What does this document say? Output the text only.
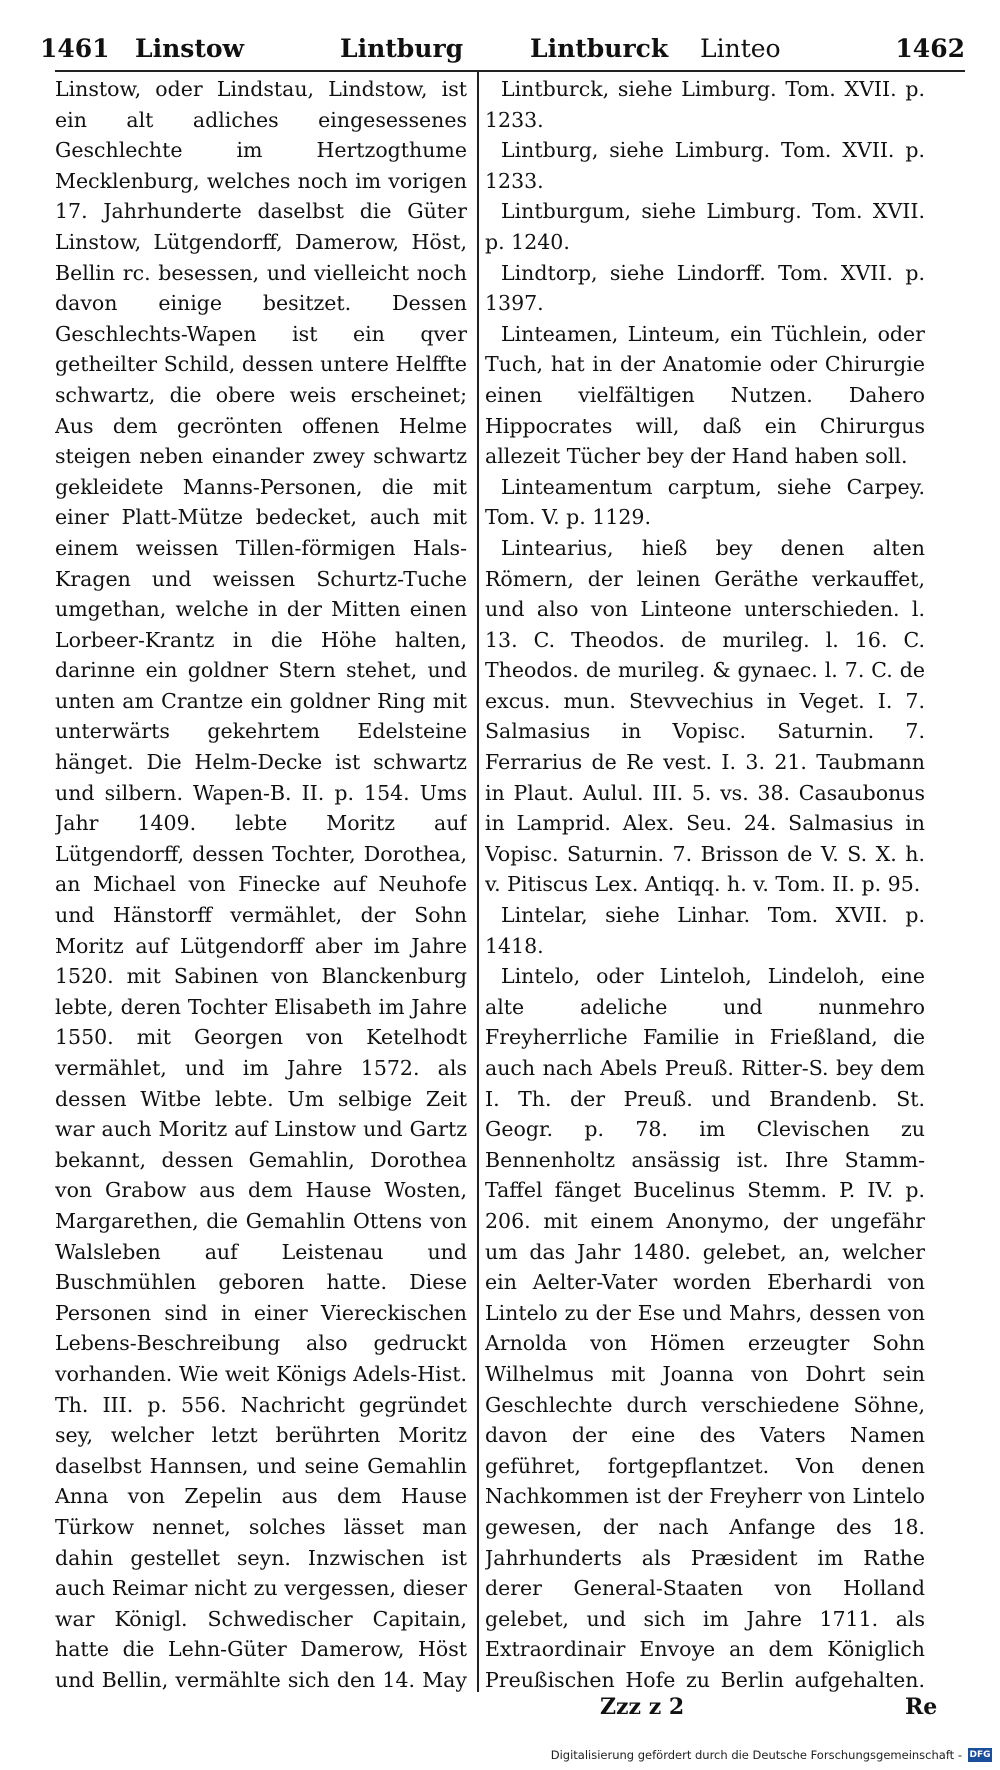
1461 Linstow	Lintburg	Lintburck Linteo	1462

Linstow, oder Lindstau, Lindstow, ist ein alt adliches eingesessenes Geschlechte im Hertzogthume Mecklenburg, welches noch im vorigen 17. Jahrhunderte daselbst die Güter Linstow, Lütgendorff, Damerow, Höst, Bellin rc. besessen, und vielleicht noch davon einige besitzet. Dessen Geschlechts-Wapen ist ein qver getheilter Schild, dessen untere Helffte schwartz, die obere weis erscheinet; Aus dem gecrönten offenen Helme steigen neben einander zwey schwartz gekleidete Manns-Personen, die mit einer Platt-Mütze bedecket, auch mit einem weissen Tillen-förmigen Hals-Kragen und weissen Schurtz-Tuche umgethan, welche in der Mitten einen Lorbeer-Krantz in die Höhe halten, darinne ein goldner Stern stehet, und unten am Crantze ein goldner Ring mit unterwärts gekehrtem Edelsteine hänget. Die Helm-Decke ist schwartz und silbern. Wapen-B. II. p. 154. Ums Jahr 1409. lebte Moritz auf Lütgendorff, dessen Tochter, Dorothea, an Michael von Finecke auf Neuhofe und Hänstorff vermählet, der Sohn Moritz auf Lütgendorff aber im Jahre 1520. mit Sabinen von Blanckenburg lebte, deren Tochter Elisabeth im Jahre 1550. mit Georgen von Ketelhodt vermählet, und im Jahre 1572. als dessen Witbe lebte. Um selbige Zeit war auch Moritz auf Linstow und Gartz bekannt, dessen Gemahlin, Dorothea von Grabow aus dem Hause Wosten, Margarethen, die Gemahlin Ottens von Walsleben auf Leistenau und Buschmühlen geboren hatte. Diese Personen sind in einer Viereckischen Lebens-Beschreibung also gedruckt vorhanden. Wie weit Königs Adels-Hist. Th. III. p. 556. Nachricht gegründet sey, welcher letzt berührten Moritz daselbst Hannsen, und seine Gemahlin Anna von Zepelin aus dem Hause Türkow nennet, solches lässet man dahin gestellet seyn. Inzwischen ist auch Reimar nicht zu vergessen, dieser war Königl. Schwedischer Capitain, hatte die Lehn-Güter Damerow, Höst und Bellin, vermählte sich den 14. May

Lintburck, siehe Limburg. Tom. XVII. p. 1233.

Lintburg, siehe Limburg. Tom. XVII. p. 1233.

Lintburgum, siehe Limburg. Tom. XVII. p. 1240.

Lindtorp, siehe Lindorff. Tom. XVII. p. 1397.

Linteamen, Linteum, ein Tüchlein, oder Tuch, hat in der Anatomie oder Chirurgie einen vielfältigen Nutzen. Dahero Hippocrates will, daß ein Chirurgus allezeit Tücher bey der Hand haben soll.

Linteamentum carptum, siehe Carpey. Tom. V. p. 1129.

Lintearius, hieß bey denen alten Römern, der leinen Geräthe verkauffet, und also von Linteone unterschieden. l. 13. C. Theodos. de murileg. l. 16. C. Theodos. de murileg. & gynaec. l. 7. C. de excus. mun. Stevvechius in Veget. I. 7. Salmasius in Vopisc. Saturnin. 7. Ferrarius de Re vest. I. 3. 21. Taubmann in Plaut. Aulul. III. 5. vs. 38. Casaubonus in Lamprid. Alex. Seu. 24. Salmasius in Vopisc. Saturnin. 7. Brisson de V. S. X. h. v. Pitiscus Lex. Antiqq. h. v. Tom. II. p. 95.

Lintelar, siehe Linhar. Tom. XVII. p. 1418.

Lintelo, oder Linteloh, Lindeloh, eine alte adeliche und nunmehro Freyherrliche Familie in Frießland, die auch nach Abels Preuß. Ritter-S. bey dem I. Th. der Preuß. und Brandenb. St. Geogr. p. 78. im Clevischen zu Bennenholtz ansässig ist. Ihre Stamm-Taffel fänget Bucelinus Stemm. P. IV. p. 206. mit einem Anonymo, der ungefähr um das Jahr 1480. gelebet, an, welcher ein Aelter-Vater worden Eberhardi von Lintelo zu der Ese und Mahrs, dessen von Arnolda von Hömen erzeugter Sohn Wilhelmus mit Joanna von Dohrt sein Geschlechte durch verschiedene Söhne, davon der eine des Vaters Namen geführet, fortgepflantzet. Von denen Nachkommen ist der Freyherr von Lintelo gewesen, der nach Anfange des 18. Jahrhunderts als Præsident im Rathe derer General-Staaten von Holland gelebet, und sich im Jahre 1711. als Extraordinair Envoye an dem Königlich Preußischen Hofe zu Berlin aufgehalten.

Zzz z 2	Re
Digitalisierung gefördert durch die Deutsche Forschungsgemeinschaft - DFG
